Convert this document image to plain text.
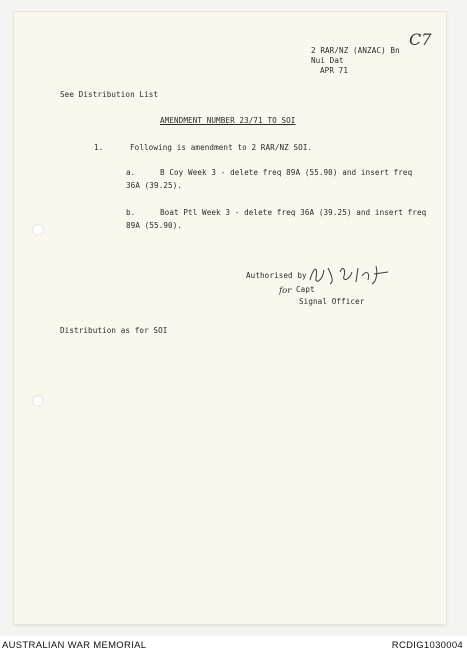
C7
2 RAR/NZ (ANZAC) Bn
Nui Dat
APR 71
See Distribution List
AMENDMENT NUMBER 23/71 TO SOI
1.	Following is amendment to 2 RAR/NZ SOI.
a.	B Coy Week 3 - delete freq 89A (55.90) and insert freq
36A (39.25).
b.	Boat Ptl Week 3 - delete freq 36A (39.25) and insert freq
89A (55.90).
Authorised by
for Capt
Signal Officer
Distribution as for SOI
AUSTRALIAN WAR MEMORIAL	RCDIG1030004
